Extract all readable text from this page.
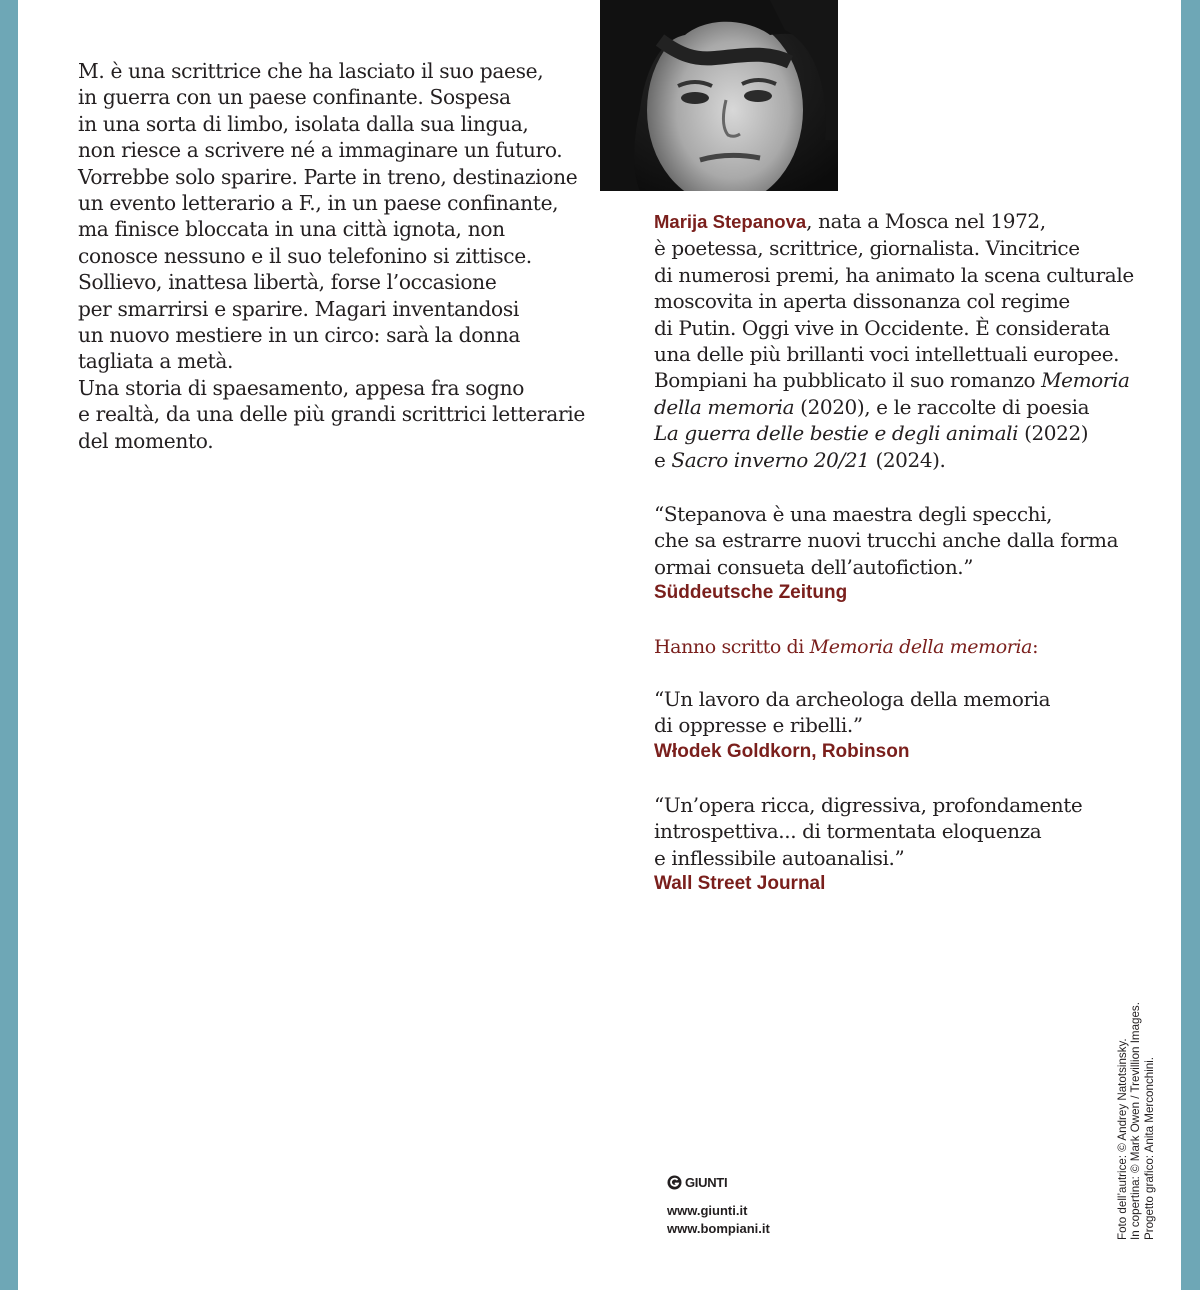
M. è una scrittrice che ha lasciato il suo paese,
in guerra con un paese confinante. Sospesa
in una sorta di limbo, isolata dalla sua lingua,
non riesce a scrivere né a immaginare un futuro.
Vorrebbe solo sparire. Parte in treno, destinazione
un evento letterario a F., in un paese confinante,
ma finisce bloccata in una città ignota, non
conosce nessuno e il suo telefonino si zittisce.
Sollievo, inattesa libertà, forse l’occasione
per smarrirsi e sparire. Magari inventandosi
un nuovo mestiere in un circo: sarà la donna
tagliata a metà.
Una storia di spaesamento, appesa fra sogno
e realtà, da una delle più grandi scrittrici letterarie
del momento.
Marija Stepanova, nata a Mosca nel 1972,
è poetessa, scrittrice, giornalista. Vincitrice
di numerosi premi, ha animato la scena culturale
moscovita in aperta dissonanza col regime
di Putin. Oggi vive in Occidente. È considerata
una delle più brillanti voci intellettuali europee.
Bompiani ha pubblicato il suo romanzo Memoria
della memoria (2020), e le raccolte di poesia
La guerra delle bestie e degli animali (2022)
e Sacro inverno 20/21 (2024).
“Stepanova è una maestra degli specchi,
che sa estrarre nuovi trucchi anche dalla forma
ormai consueta dell’autofiction.”
Süddeutsche Zeitung
Hanno scritto di Memoria della memoria:
“Un lavoro da archeologa della memoria
di oppresse e ribelli.”
Włodek Goldkorn, Robinson
“Un’opera ricca, digressiva, profondamente
introspettiva... di tormentata eloquenza
e inflessibile autoanalisi.”
Wall Street Journal
GIUNTI
www.giunti.it
www.bompiani.it	Foto dell’autrice: © Andrey Natotsinsky. In copertina: © Mark Owen / Trevillion Images. Progetto grafico: Anita Merconchini.
